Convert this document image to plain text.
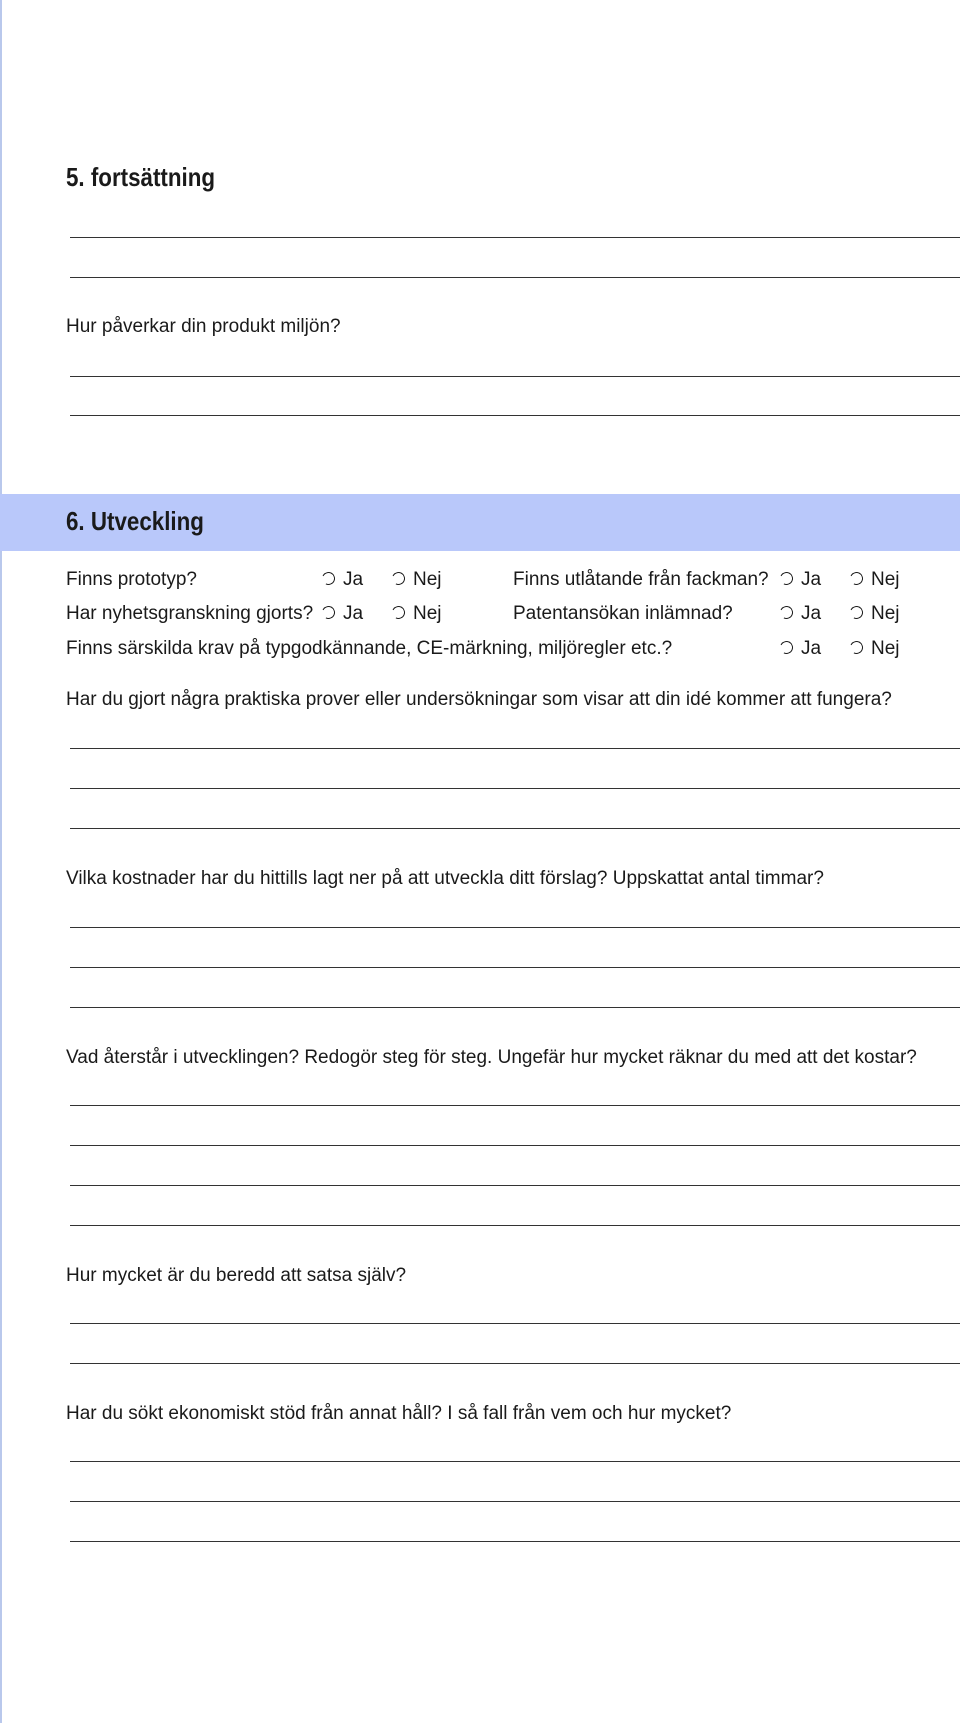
5. fortsättning
Hur påverkar din produkt miljön?
6. Utveckling
Finns prototyp?	Ja	Nej	Finns utlåtande från fackman?	Ja	Nej
Har nyhetsgranskning gjorts?	Ja	Nej	Patentansökan inlämnad?	Ja	Nej
Finns särskilda krav på typgodkännande, CE-märkning, miljöregler etc.?	Ja	Nej
Har du gjort några praktiska prover eller undersökningar som visar att din idé kommer att fungera?
Vilka kostnader har du hittills lagt ner på att utveckla ditt förslag? Uppskattat antal timmar?
Vad återstår i utvecklingen? Redogör steg för steg. Ungefär hur mycket räknar du med att det kostar?
Hur mycket är du beredd att satsa själv?
Har du sökt ekonomiskt stöd från annat håll? I så fall från vem och hur mycket?
